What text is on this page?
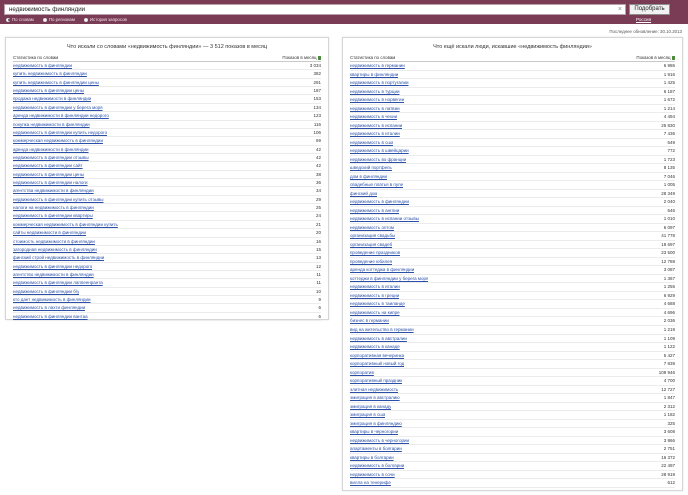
недвижимость финляндии	×	Подобрать
По словам	По регионам	История запросов	Россия
Последнее обновление: 30.10.2013
Что искали со словами «недвижимость финляндии» — 3 512 показов в месяц
Статистика по словам	Показов в месяц
недвижимость в финляндии	3 034
купить недвижимость в финляндии	382
купить недвижимость в финляндии цены	291
недвижимость в финляндии цены	187
продажа недвижимости в финляндии	153
недвижимость в финляндии у берега моря	134
аренда недвижимости в финляндии недорого	123
покупка недвижимости в финляндии	116
недвижимость в финляндии купить недорого	106
коммерческая недвижимость в финляндии	69
аренда недвижимости в финляндии	42
недвижимость в финляндии отзывы	42
недвижимость в финляндии сайт	42
недвижимость в финляндии цены	38
недвижимость в финляндии налоги	36
агентства недвижимости в финляндии	34
недвижимость в финляндии купить отзывы	29
налоги на недвижимость в финляндии	25
недвижимость в финляндии квартиры	24
коммерческая недвижимость в финляндии купить	21
сайты недвижимости в финляндии	20
стоимость недвижимости в финляндии	16
загородная недвижимость в финляндии	15
финский строй недвижимость в финляндии	13
недвижимость в финляндии недорого	12
агентство недвижимости в финляндии	11
недвижимость в финляндии лаппеенранта	11
недвижимость в финляндии б/у	10
кто дает недвижимость в финляндии	9
недвижимость в лахти финляндии	6
недвижимость в финляндии вантаа	6
Что ещё искали люди, искавшие «недвижимость финляндии»
Статистика по словам	Показов в месяц
недвижимость в германии	6 986
квартиры в финляндии	1 916
недвижимость в португалии	1 425
недвижимость в турции	6 187
недвижимость в норвегии	1 672
недвижимость в латвии	1 214
недвижимость в чехии	4 494
недвижимость в испании	25 830
недвижимость в италии	7 436
недвижимость в сша	649
недвижимость в швейцарии	772
недвижимость во франции	1 723
шведский портфель	8 135
дом в финляндии	7 046
свадебные платья в пуле	1 005
финский дом	28 349
недвижимость в финляндии	2 040
недвижимость в англии	646
недвижимость в испании отзывы	1 010
недвижимость оптом	6 097
организация свадьбы	41 778
организация свадеб	18 697
проведение праздников	23 500
проведение юбилея	12 788
аренда коттеджа в финляндии	3 087
коттеджи в финляндии у берега моря	1 367
недвижимость в италии	1 255
недвижимость в греции	6 929
недвижимость в таиланде	4 688
недвижимость на кипре	4 696
бизнес в германии	2 036
вид на жительство в германии	1 219
недвижимость в австралии	1 109
недвижимость в канаде	1 122
корпоративная вечеринка	5 427
корпоративный новый год	7 839
корпоратив	109 946
корпоративный праздник	4 700
элитная недвижимость	12 727
эмиграция в австралию	1 847
эмиграция в канаду	2 312
эмиграция в сша	1 182
эмиграция в финляндию	325
квартиры в черногории	3 608
недвижимость в черногории	3 866
апартаменты в болгарии	2 751
квартиры в болгарии	16 372
недвижимость в болгарии	22 497
недвижимость в сочи	28 919
вилла на тенерифе	612
